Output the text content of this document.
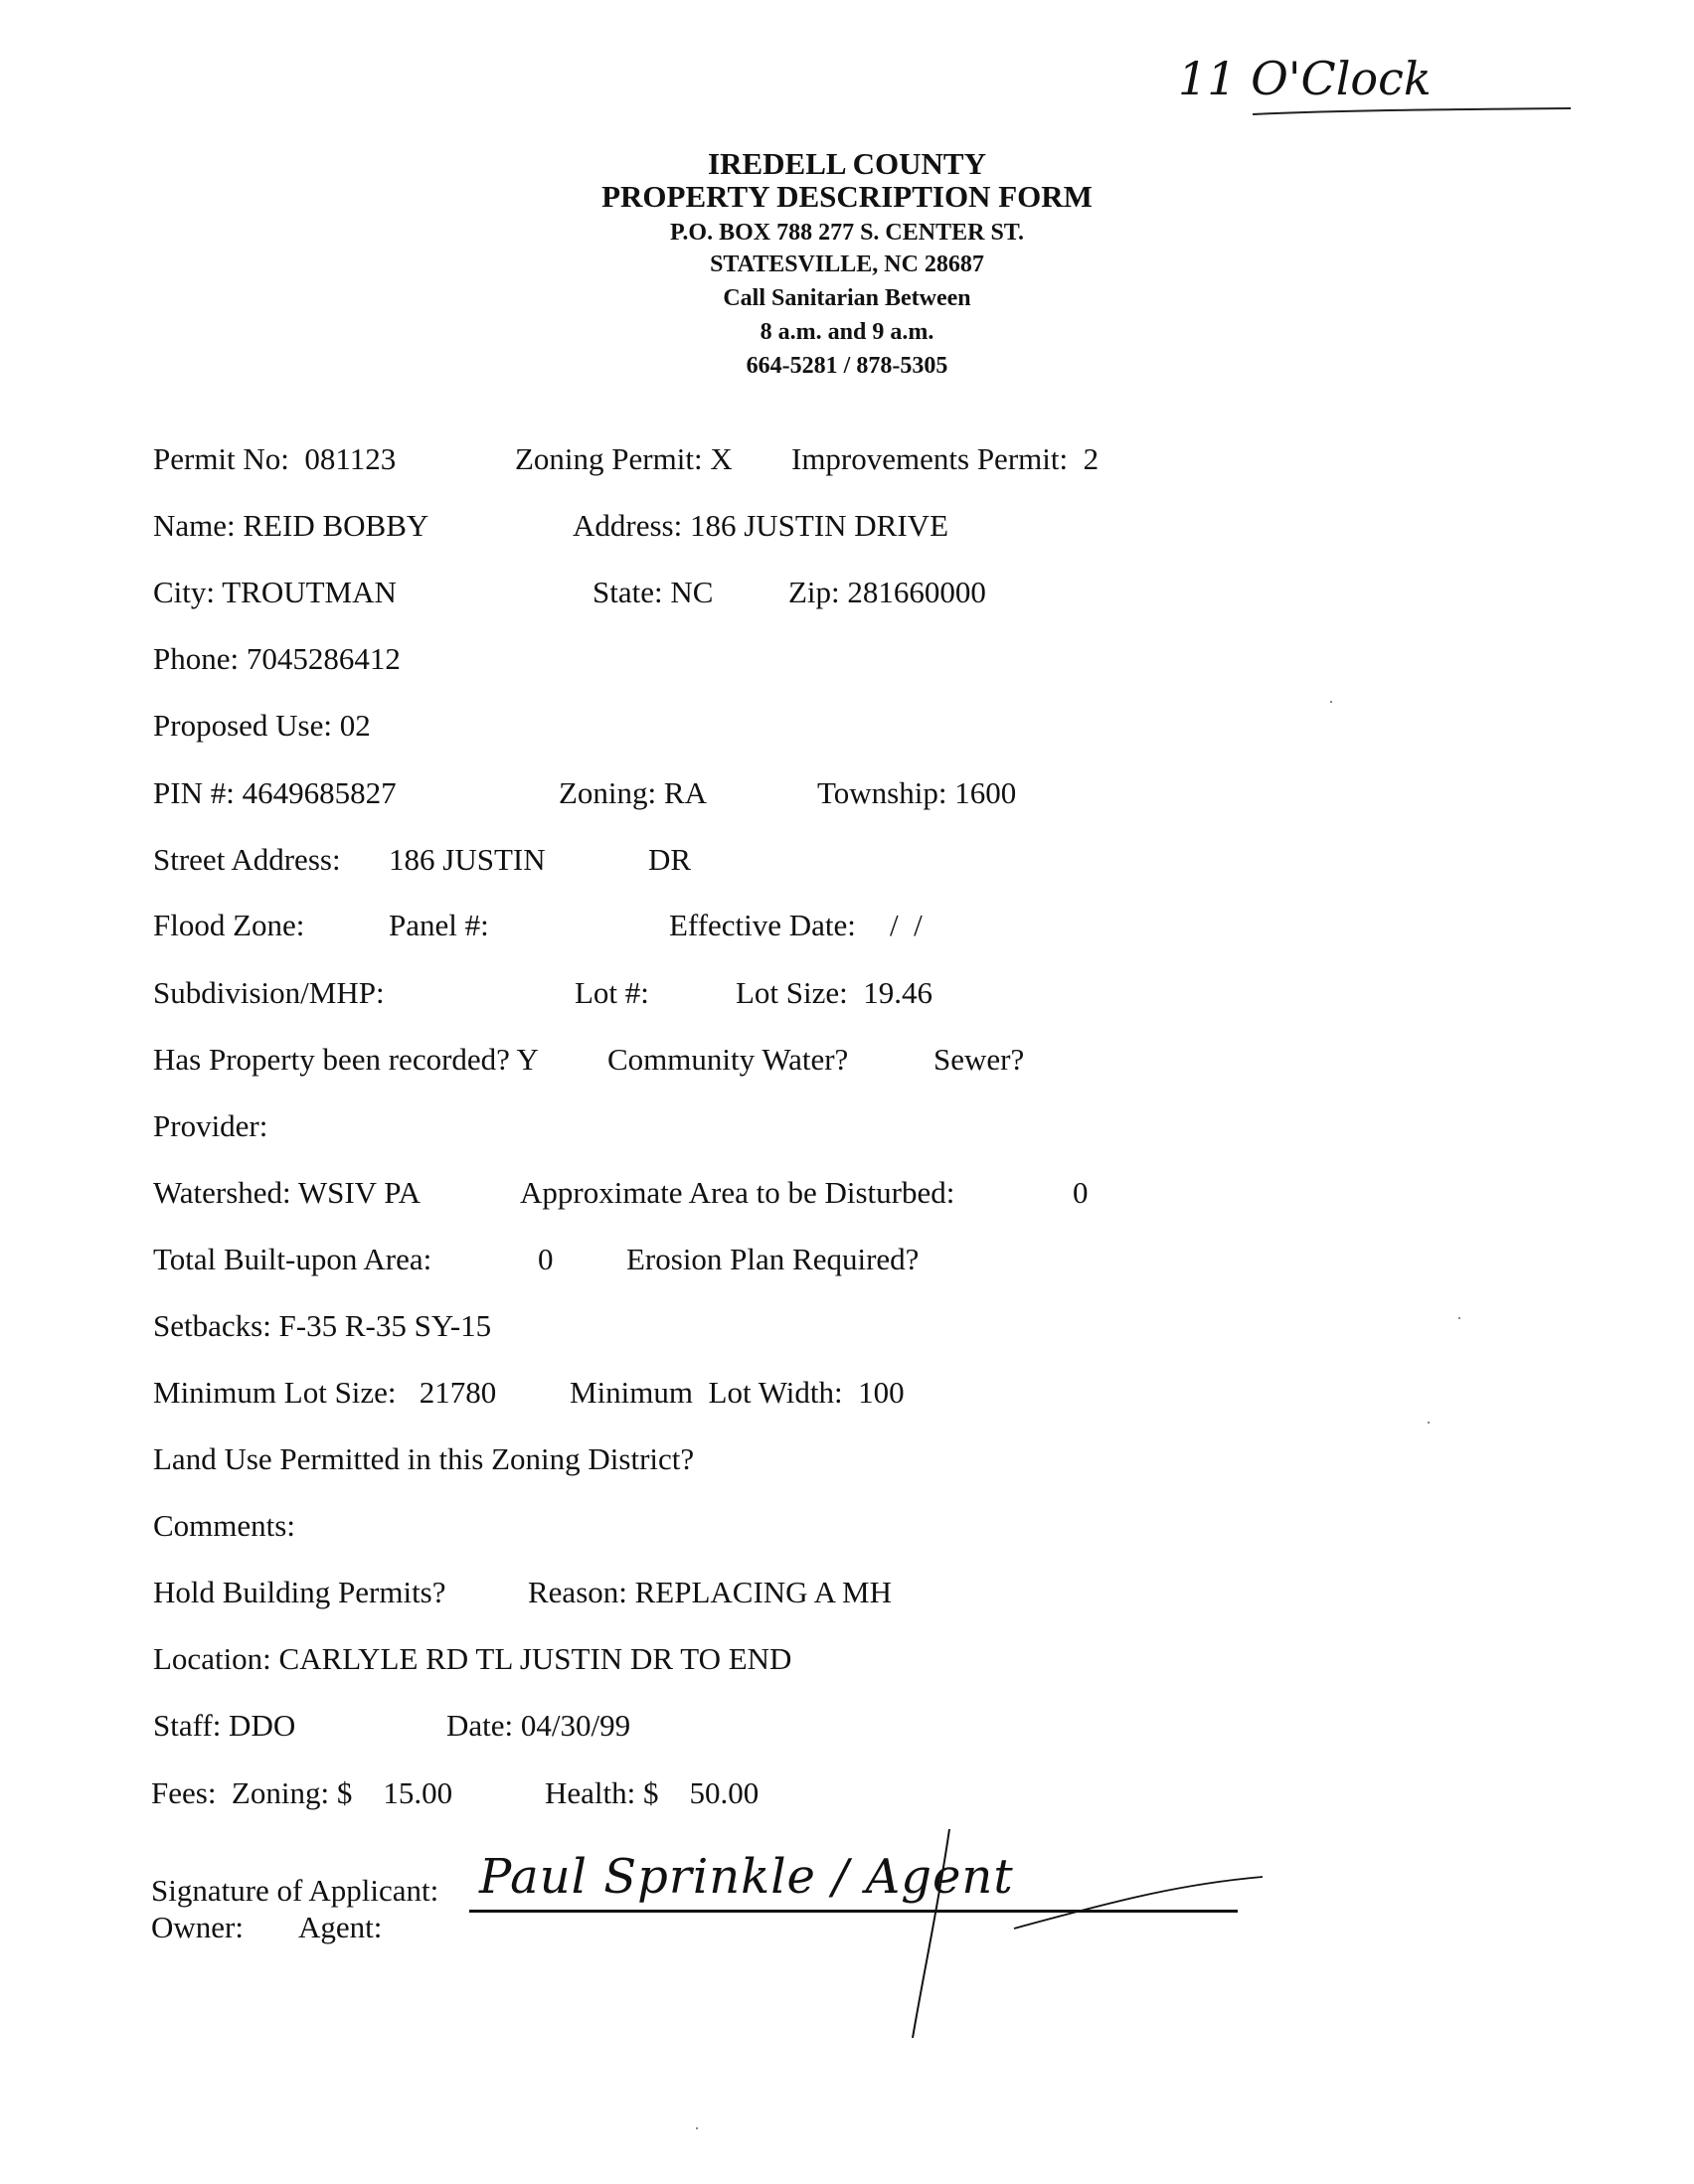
11 O'Clock
IREDELL COUNTY
PROPERTY DESCRIPTION FORM
P.O. BOX 788 277 S. CENTER ST.
STATESVILLE, NC 28687
Call Sanitarian Between
8 a.m. and 9 a.m.
664-5281 / 878-5305
Permit No:  081123	Zoning Permit: X Improvements Permit:  2
Name: REID BOBBY	Address: 186 JUSTIN DRIVE
City: TROUTMAN	State: NC Zip: 281660000
Phone: 7045286412
Proposed Use: 02
PIN #: 4649685827	Zoning: RA	Township: 1600
Street Address: 186 JUSTIN	DR
Flood Zone:	Panel #:	Effective Date: /  /
Subdivision/MHP:	Lot #:	Lot Size:  19.46
Has Property been recorded? Y Community Water?	Sewer?
Provider:
Watershed: WSIV PA	Approximate Area to be Disturbed:	0
Total Built-upon Area:	0 Erosion Plan Required?
Setbacks: F-35 R-35 SY-15
Minimum Lot Size:   21780 Minimum  Lot Width:  100
Land Use Permitted in this Zoning District?
Comments:
Hold Building Permits?	Reason: REPLACING A MH
Location: CARLYLE RD TL JUSTIN DR TO END
Staff: DDO	Date: 04/30/99
Fees:  Zoning: $    15.00	Health: $    50.00
Signature of Applicant:
Owner: Agent:
Paul Sprinkle / Agent
